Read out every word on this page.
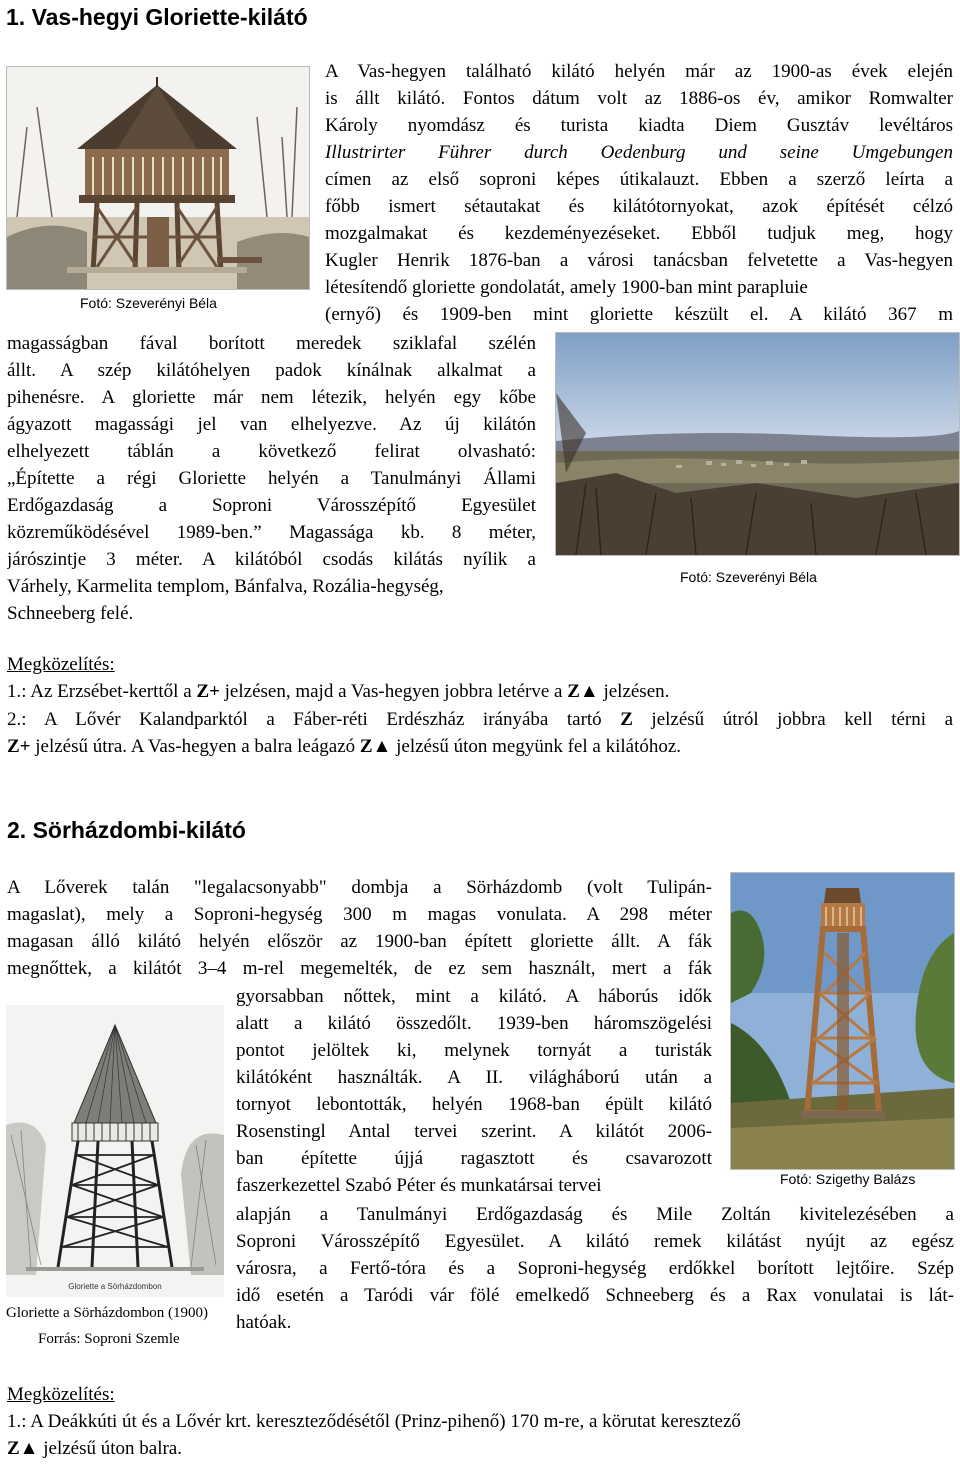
1. Vas-hegyi Gloriette-kilátó
Fotó: Szeverényi Béla
A Vas-hegyen található kilátó helyén már az 1900-as évek elején
is állt kilátó. Fontos dátum volt az 1886-os év, amikor Romwalter
Károly nyomdász és turista kiadta Diem Gusztáv levéltáros
Illustrirter Führer durch Oedenburg und seine Umgebungen
címen az első soproni képes útikalauzt. Ebben a szerző leírta a
főbb ismert sétautakat és kilátótornyokat, azok építését célzó
mozgalmakat és kezdeményezéseket. Ebből tudjuk meg, hogy
Kugler Henrik 1876-ban a városi tanácsban felvetette a Vas-hegyen
létesítendő gloriette gondolatát, amely 1900-ban mint parapluie
(ernyő) és 1909-ben mint gloriette készült el. A kilátó 367 m
Fotó: Szeverényi Béla
magasságban fával borított meredek sziklafal szélén
állt. A szép kilátóhelyen padok kínálnak alkalmat a
pihenésre. A gloriette már nem létezik, helyén egy kőbe
ágyazott magassági jel van elhelyezve. Az új kilátón
elhelyezett táblán a következő felirat olvasható:
„Építette a régi Gloriette helyén a Tanulmányi Állami
Erdőgazdaság a Soproni Városszépítő Egyesület
közreműködésével 1989-ben.” Magassága kb. 8 méter,
járószintje 3 méter. A kilátóból csodás kilátás nyílik a
Várhely, Karmelita templom, Bánfalva, Rozália-hegység,
Schneeberg felé.
Megközelítés:
1.: Az Erzsébet-kerttől a Z+ jelzésen, majd a Vas-hegyen jobbra letérve a Z▲ jelzésen.
2.: A Lővér Kalandparktól a Fáber-réti Erdészház irányába tartó Z jelzésű útról jobbra kell térni a
Z+ jelzésű útra. A Vas-hegyen a balra leágazó Z▲ jelzésű úton megyünk fel a kilátóhoz.
2. Sörházdombi-kilátó
A Lőverek talán "legalacsonyabb" dombja a Sörházdomb (volt Tulipán-
magaslat), mely a Soproni-hegység 300 m magas vonulata. A 298 méter
magasan álló kilátó helyén először az 1900-ban épített gloriette állt. A fák
megnőttek, a kilátót 3–4 m-rel megemelték, de ez sem használt, mert a fák
gyorsabban nőttek, mint a kilátó. A háborús idők
alatt a kilátó összedőlt. 1939-ben háromszögelési
pontot jelöltek ki, melynek tornyát a turisták
kilátóként használták. A II. világháború után a
tornyot lebontották, helyén 1968-ban épült kilátó
Rosenstingl Antal tervei szerint. A kilátót 2006-
ban építette újjá ragasztott és csavarozott
faszerkezettel Szabó Péter és munkatársai tervei
alapján a Tanulmányi Erdőgazdaság és Mile Zoltán kivitelezésében a
Soproni Városszépítő Egyesület. A kilátó remek kilátást nyújt az egész
városra, a Fertő-tóra és a Soproni-hegység erdőkkel borított lejtőire. Szép
idő esetén a Taródi vár fölé emelkedő Schneeberg és a Rax vonulatai is lát-
hatóak.
Fotó: Szigethy Balázs
Gloriette a Sörházdombon
Gloriette a Sörházdombon (1900)
Forrás: Soproni Szemle
Megközelítés:
1.: A Deákkúti út és a Lővér krt. kereszteződésétől (Prinz-pihenő) 170 m-re, a körutat keresztező
Z▲ jelzésű úton balra.
